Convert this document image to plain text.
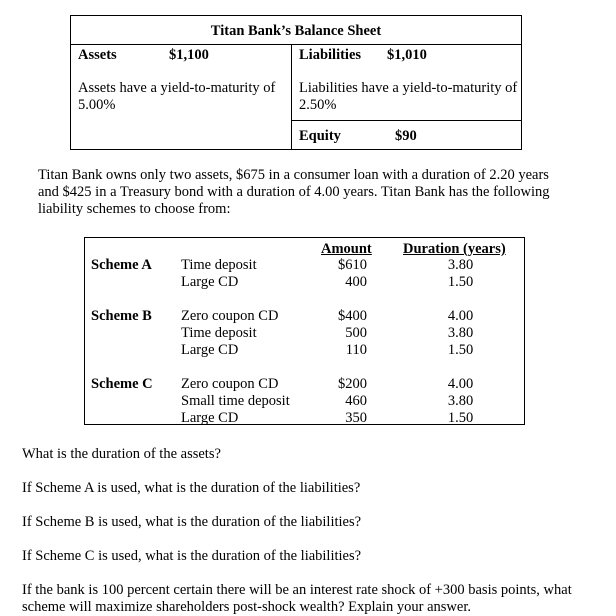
Titan Bank’s Balance Sheet
Assets	$1,100	Liabilities $1,010
Assets have a yield-to-maturity of 5.00%
Liabilities have a yield-to-maturity of 2.50%
Equity	$90
Titan Bank owns only two assets, $675 in a consumer loan with a duration of 2.20 years and $425 in a Treasury bond with a duration of 4.00 years. Titan Bank has the following liability schemes to choose from:
Amount Duration (years)
Scheme A Time deposit	$610	3.80
Large CD	400	1.50
Scheme B Zero coupon CD	$400	4.00
Time deposit	500	3.80
Large CD	110	1.50
Scheme C Zero coupon CD	$200	4.00
Small time deposit	460	3.80
Large CD	350	1.50
What is the duration of the assets?
If Scheme A is used, what is the duration of the liabilities?
If Scheme B is used, what is the duration of the liabilities?
If Scheme C is used, what is the duration of the liabilities?
If the bank is 100 percent certain there will be an interest rate shock of +300 basis points, what scheme will maximize shareholders post-shock wealth? Explain your answer.
